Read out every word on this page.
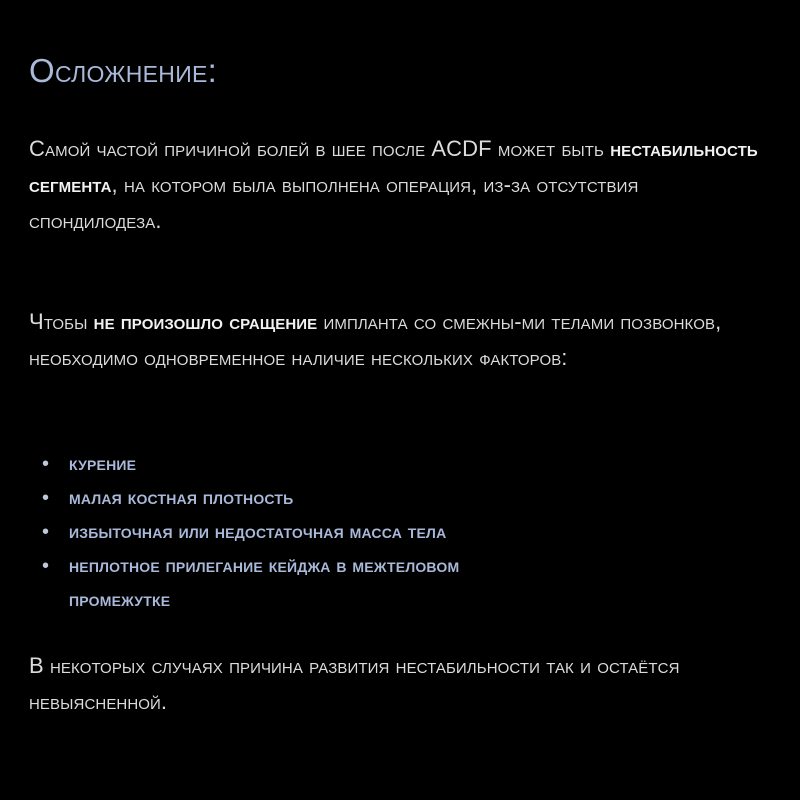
Осложнение:

Самой частой причиной болей в шее после ACDF может быть нестабильность сегмента, на котором была выполнена операция, из-за отсутствия спондилодеза.

Чтобы не произошло сращение импланта со смежны-ми телами позвонков, необходимо одновременное наличие нескольких факторов:

• курение
• малая костная плотность
• избыточная или недостаточная масса тела
• неплотное прилегание кейджа в межтеловом
промежутке

В некоторых случаях причина развития нестабильности так и остаётся невыясненной.
